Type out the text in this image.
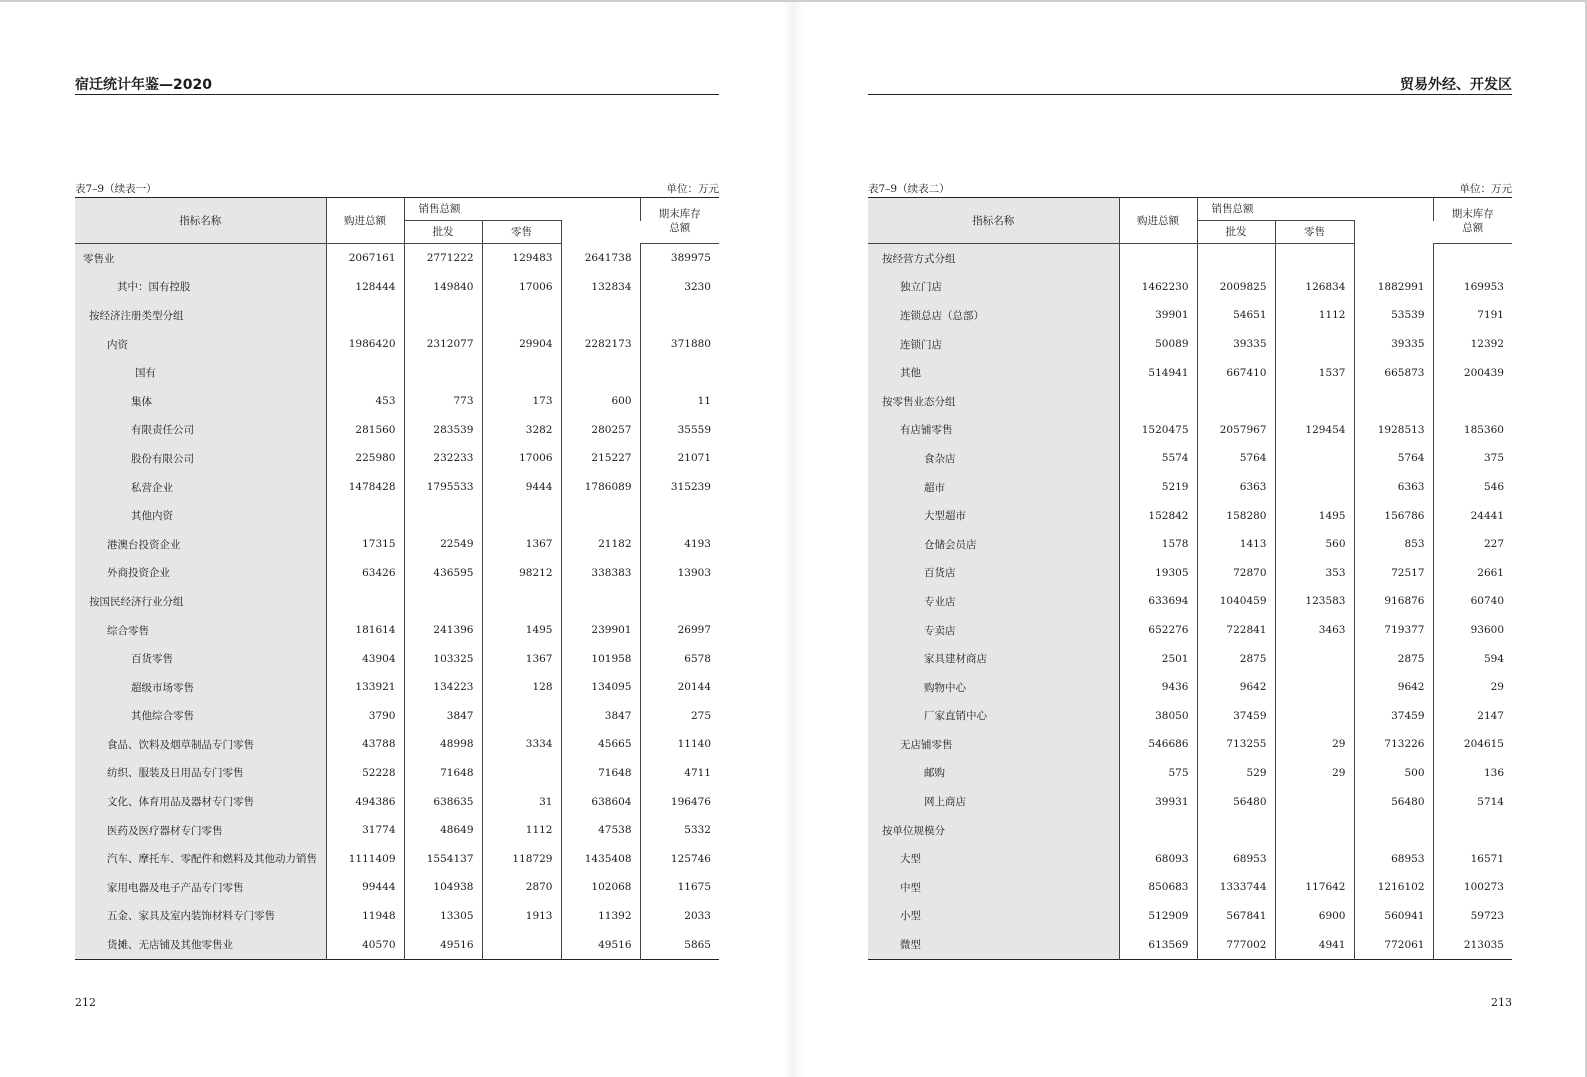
宿迁统计年鉴—2020
表7–9（续表一）	单位：万元
指标名称	购进总额	销售总额			期末库存
总额

		批发	零售		
零售业	2067161	2771222	129483	2641738	389975
其中：国有控股	128444	149840	17006	132834	3230
按经济注册类型分组					
内资	1986420	2312077	29904	2282173	371880
国有					
集体	453	773	173	600	11
有限责任公司	281560	283539	3282	280257	35559
股份有限公司	225980	232233	17006	215227	21071
私营企业	1478428	1795533	9444	1786089	315239
其他内资					
港澳台投资企业	17315	22549	1367	21182	4193
外商投资企业	63426	436595	98212	338383	13903
按国民经济行业分组					
综合零售	181614	241396	1495	239901	26997
百货零售	43904	103325	1367	101958	6578
超级市场零售	133921	134223	128	134095	20144
其他综合零售	3790	3847		3847	275
食品、饮料及烟草制品专门零售	43788	48998	3334	45665	11140
纺织、服装及日用品专门零售	52228	71648		71648	4711
文化、体育用品及器材专门零售	494386	638635	31	638604	196476
医药及医疗器材专门零售	31774	48649	1112	47538	5332
汽车、摩托车、零配件和燃料及其他动力销售	1111409	1554137	118729	1435408	125746
家用电器及电子产品专门零售	99444	104938	2870	102068	11675
五金、家具及室内装饰材料专门零售	11948	13305	1913	11392	2033
货摊、无店铺及其他零售业	40570	49516		49516	5865
212
贸易外经、开发区
表7–9（续表二）	单位：万元
指标名称	购进总额	销售总额			期末库存
总额

		批发	零售		
按经营方式分组					
独立门店	1462230	2009825	126834	1882991	169953
连锁总店（总部）	39901	54651	1112	53539	7191
连锁门店	50089	39335		39335	12392
其他	514941	667410	1537	665873	200439
按零售业态分组					
有店铺零售	1520475	2057967	129454	1928513	185360
食杂店	5574	5764		5764	375
超市	5219	6363		6363	546
大型超市	152842	158280	1495	156786	24441
仓储会员店	1578	1413	560	853	227
百货店	19305	72870	353	72517	2661
专业店	633694	1040459	123583	916876	60740
专卖店	652276	722841	3463	719377	93600
家具建材商店	2501	2875		2875	594
购物中心	9436	9642		9642	29
厂家直销中心	38050	37459		37459	2147
无店铺零售	546686	713255	29	713226	204615
邮购	575	529	29	500	136
网上商店	39931	56480		56480	5714
按单位规模分					
大型	68093	68953		68953	16571
中型	850683	1333744	117642	1216102	100273
小型	512909	567841	6900	560941	59723
微型	613569	777002	4941	772061	213035
213
